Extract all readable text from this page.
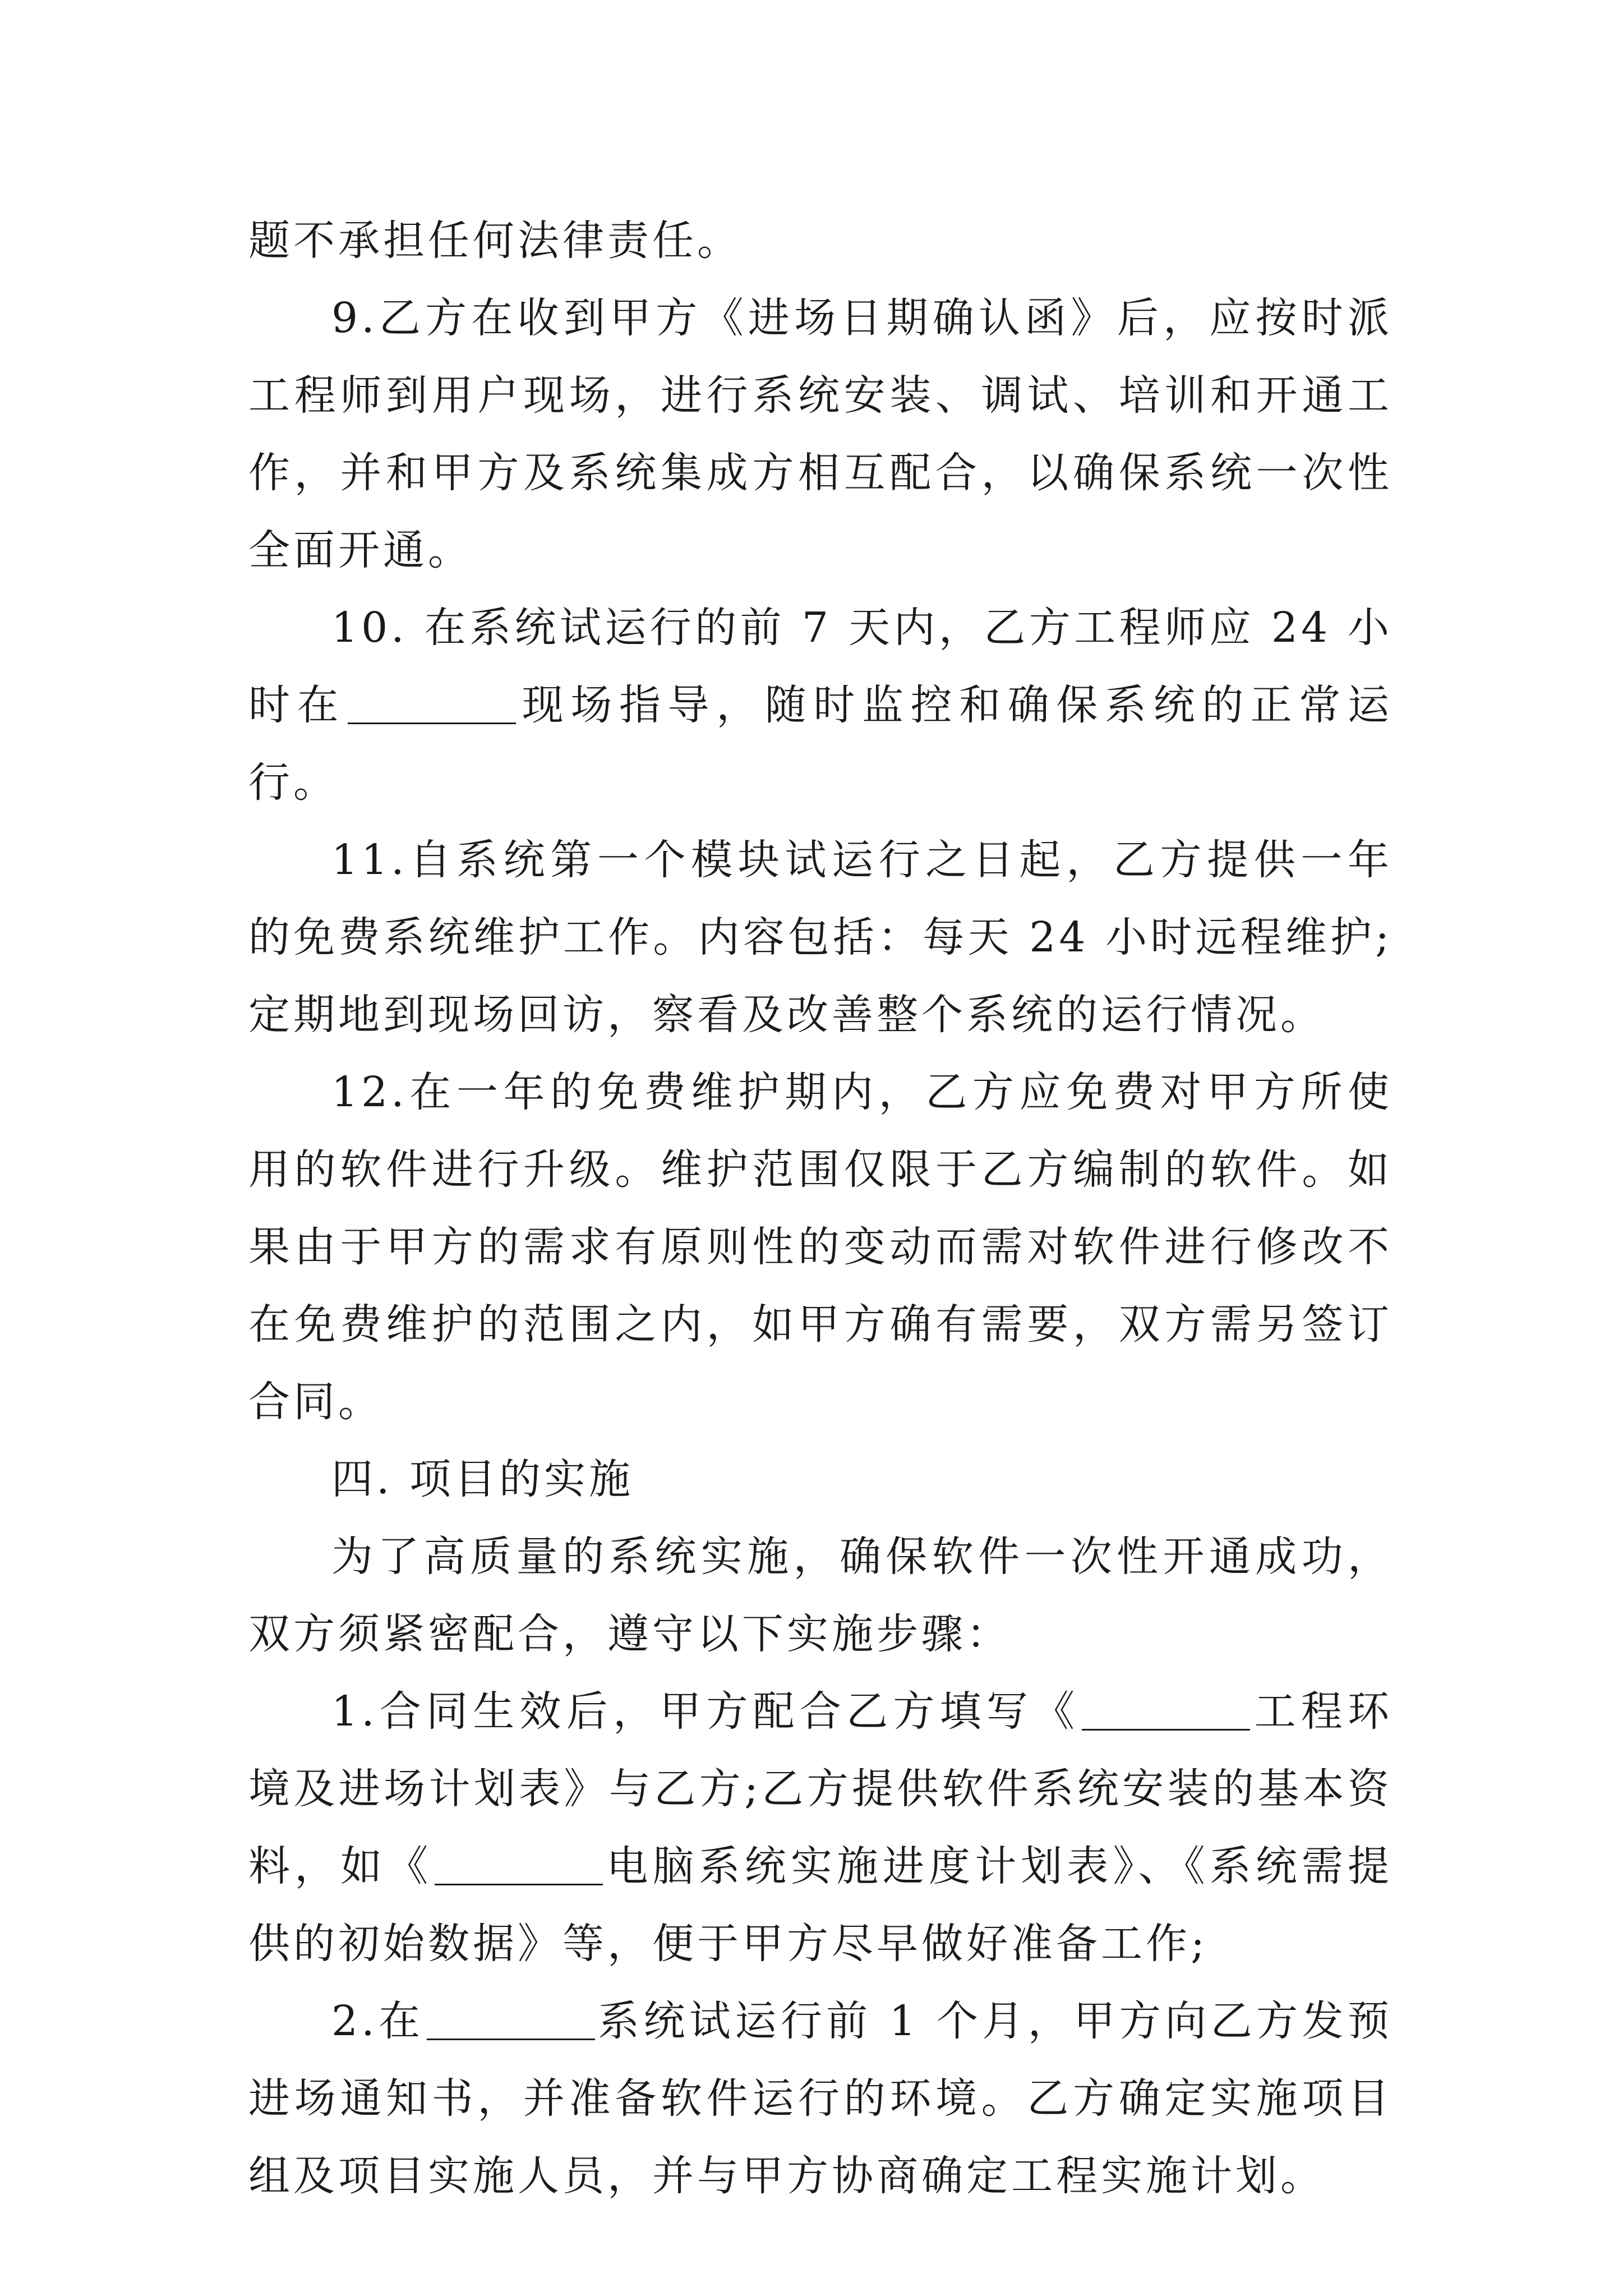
题不承担任何法律责任。

9.乙方在收到甲方《进场日期确认函》后，应按时派工程师到用户现场，进行系统安装、调试、培训和开通工作，并和甲方及系统集成方相互配合，以确保系统一次性全面开通。

10. 在系统试运行的前 7 天内，乙方工程师应 24 小时在	现场指导，随时监控和确保系统的正常运行。

11.自系统第一个模块试运行之日起，乙方提供一年的免费系统维护工作。内容包括：每天 24 小时远程维护;定期地到现场回访，察看及改善整个系统的运行情况。

12.在一年的免费维护期内，乙方应免费对甲方所使用的软件进行升级。维护范围仅限于乙方编制的软件。如果由于甲方的需求有原则性的变动而需对软件进行修改不在免费维护的范围之内，如甲方确有需要，双方需另签订合同。

四. 项目的实施

为了高质量的系统实施，确保软件一次性开通成功，双方须紧密配合，遵守以下实施步骤：

1.合同生效后，甲方配合乙方填写《	工程环境及进场计划表》与乙方;乙方提供软件系统安装的基本资料，如《	电脑系统实施进度计划表》、《系统需提供的初始数据》等，便于甲方尽早做好准备工作;

2.在	系统试运行前 1 个月，甲方向乙方发预进场通知书，并准备软件运行的环境。乙方确定实施项目组及项目实施人员，并与甲方协商确定工程实施计划。
